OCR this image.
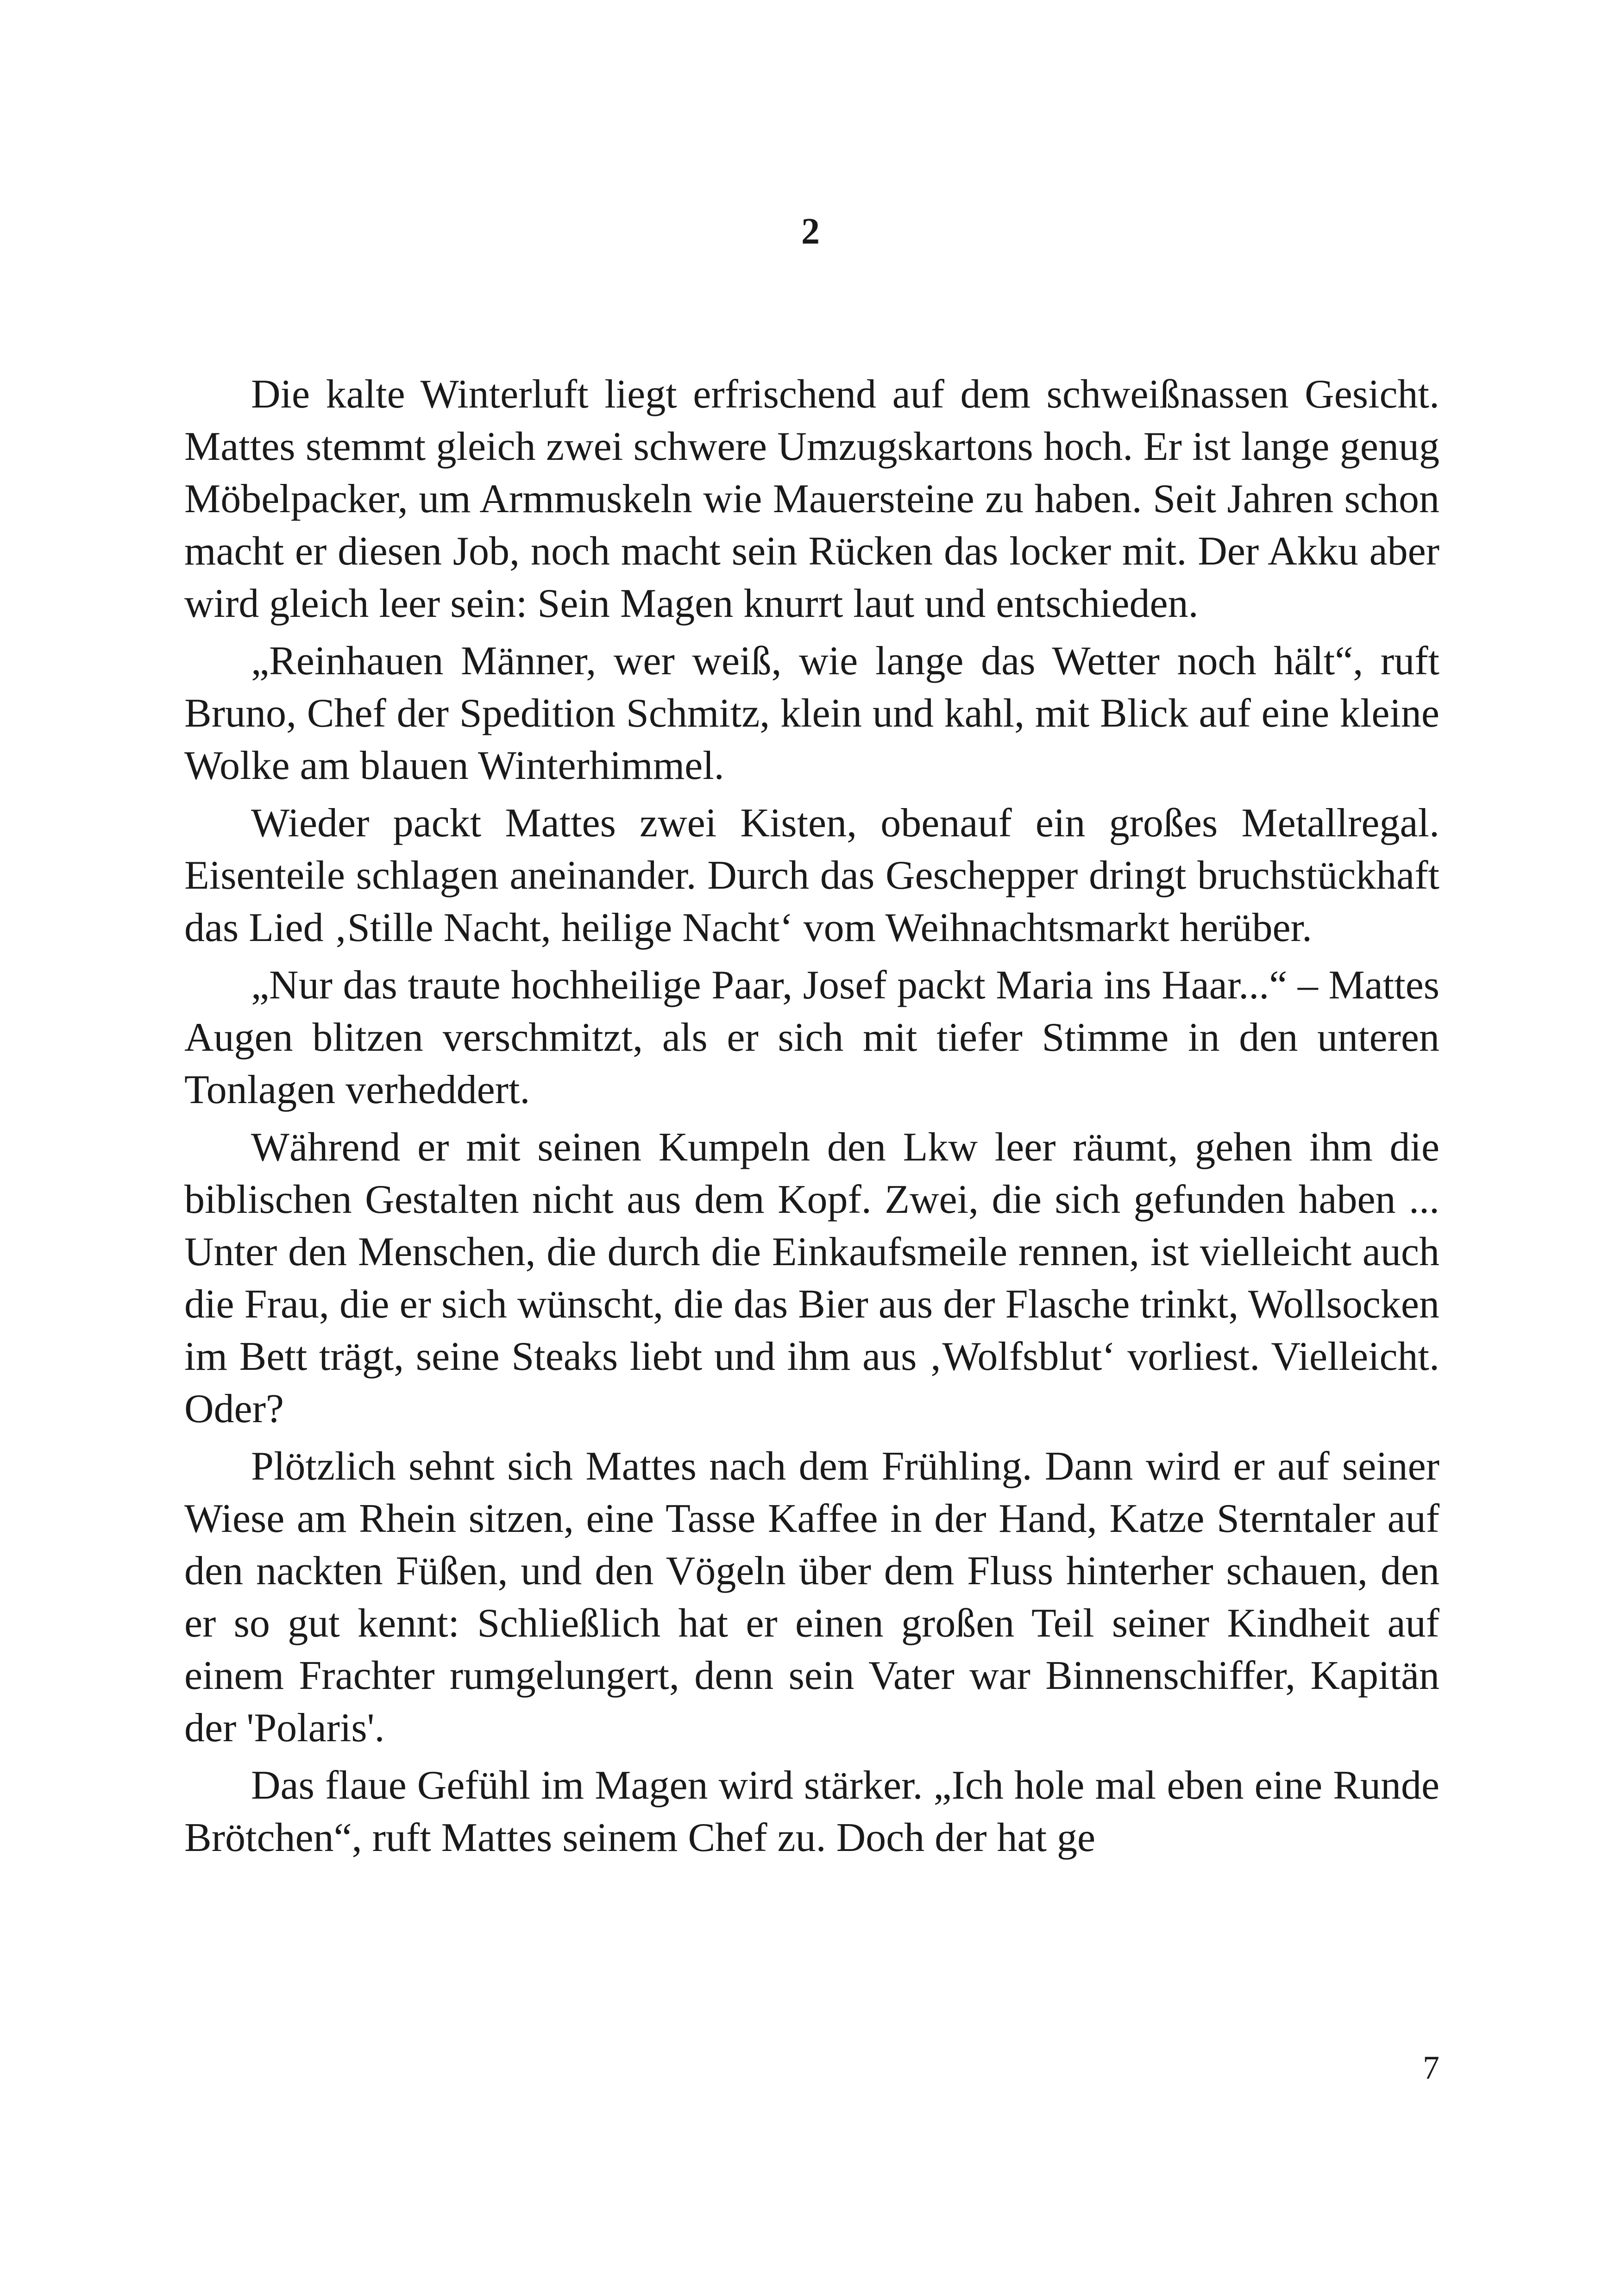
2

Die kalte Winterluft liegt erfrischend auf dem schweißnassen Gesicht. Mattes stemmt gleich zwei schwere Umzugskartons hoch. Er ist lange genug Möbelpacker, um Armmuskeln wie Mauersteine zu haben. Seit Jahren schon macht er diesen Job, noch macht sein Rücken das locker mit. Der Akku aber wird gleich leer sein: Sein Magen knurrt laut und entschieden.

„Reinhauen Männer, wer weiß, wie lange das Wetter noch hält“, ruft Bruno, Chef der Spedition Schmitz, klein und kahl, mit Blick auf eine kleine Wolke am blauen Winterhimmel.

Wieder packt Mattes zwei Kisten, obenauf ein großes Metallregal. Eisenteile schlagen aneinander. Durch das Geschepper dringt bruchstückhaft das Lied ‚Stille Nacht, heilige Nacht‘ vom Weihnachtsmarkt herüber.

„Nur das traute hochheilige Paar, Josef packt Maria ins Haar...“ – Mattes Augen blitzen verschmitzt, als er sich mit tiefer Stimme in den unteren Tonlagen verheddert.

Während er mit seinen Kumpeln den Lkw leer räumt, gehen ihm die biblischen Gestalten nicht aus dem Kopf. Zwei, die sich gefunden haben ... Unter den Menschen, die durch die Einkaufsmeile rennen, ist vielleicht auch die Frau, die er sich wünscht, die das Bier aus der Flasche trinkt, Wollsocken im Bett trägt, seine Steaks liebt und ihm aus ‚Wolfsblut‘ vorliest. Vielleicht. Oder?

Plötzlich sehnt sich Mattes nach dem Frühling. Dann wird er auf seiner Wiese am Rhein sitzen, eine Tasse Kaffee in der Hand, Katze Sterntaler auf den nackten Füßen, und den Vögeln über dem Fluss hinterher schauen, den er so gut kennt: Schließlich hat er einen großen Teil seiner Kindheit auf einem Frachter rumgelungert, denn sein Vater war Binnenschiffer, Kapitän der 'Polaris'.

Das flaue Gefühl im Magen wird stärker. „Ich hole mal eben eine Runde Brötchen“, ruft Mattes seinem Chef zu. Doch der hat ge

7
